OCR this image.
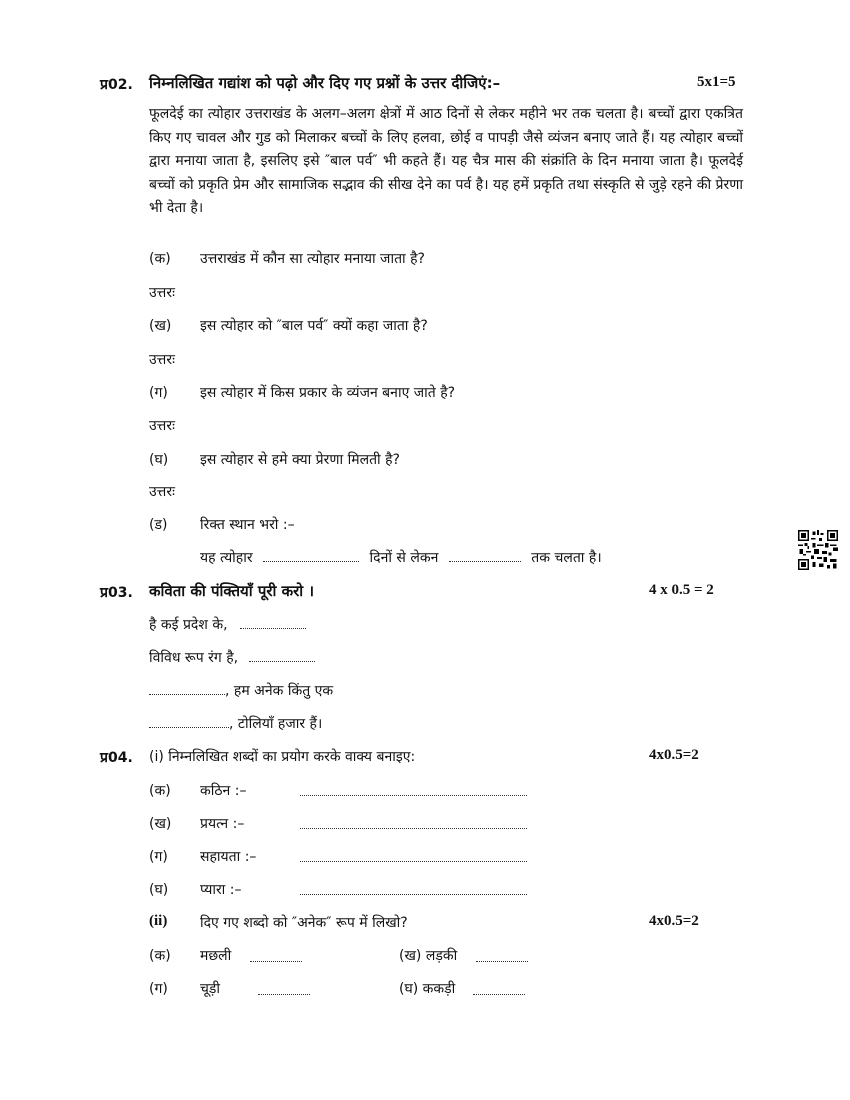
प्र02. निम्नलिखित गद्यांश को पढ़ो और दिए गए प्रश्नों के उत्तर दीजिएं:–	5x1=5
फूलदेई का त्योहार उत्तराखंड के अलग–अलग क्षेत्रों में आठ दिनों से लेकर महीने भर तक चलता है। बच्चों द्वारा एकत्रित किए गए चावल और गुड को मिलाकर बच्चों के लिए हलवा, छोई व पापड़ी जैसे व्यंजन बनाए जाते हैं। यह त्योहार बच्चों द्वारा मनाया जाता है, इसलिए इसे ″बाल पर्व″ भी कहते हैं। यह चैत्र मास की संक्रांति के दिन मनाया जाता है। फूलदेई बच्चों को प्रकृति प्रेम और सामाजिक सद्भाव की सीख देने का पर्व है। यह हमें प्रकृति तथा संस्कृति से जुड़े रहने की प्रेरणा भी देता है।
(क) उत्तराखंड में कौन सा त्योहार मनाया जाता है?
उत्तरः
(ख) इस त्योहार को ″बाल पर्व″ क्यों कहा जाता है?
उत्तरः
(ग) इस त्योहार में किस प्रकार के व्यंजन बनाए जाते है?
उत्तरः
(घ) इस त्योहार से हमे क्या प्रेरणा मिलती है?
उत्तरः
(ड) रिक्त स्थान भरो :–
यह त्योहार	दिनों से लेकन	तक चलता है।
प्र03. कविता की पंक्तियाँ पूरी करो ।	4 x 0.5 = 2
है कई प्रदेश के,
विविध रूप रंग है,
, हम अनेक किंतु एक
, टोलियाँ हजार हैं।
प्र04. (i) निम्नलिखित शब्दों का प्रयोग करके वाक्य बनाइए:	4x0.5=2
(क) कठिन :–
(ख) प्रयत्न :–
(ग) सहायता :–
(घ) प्यारा :–
(ii) दिए गए शब्दो को ″अनेक″ रूप में लिखो?	4x0.5=2
(क) मछली	(ख) लड़की
(ग) चूड़ी	(घ) ककड़ी
